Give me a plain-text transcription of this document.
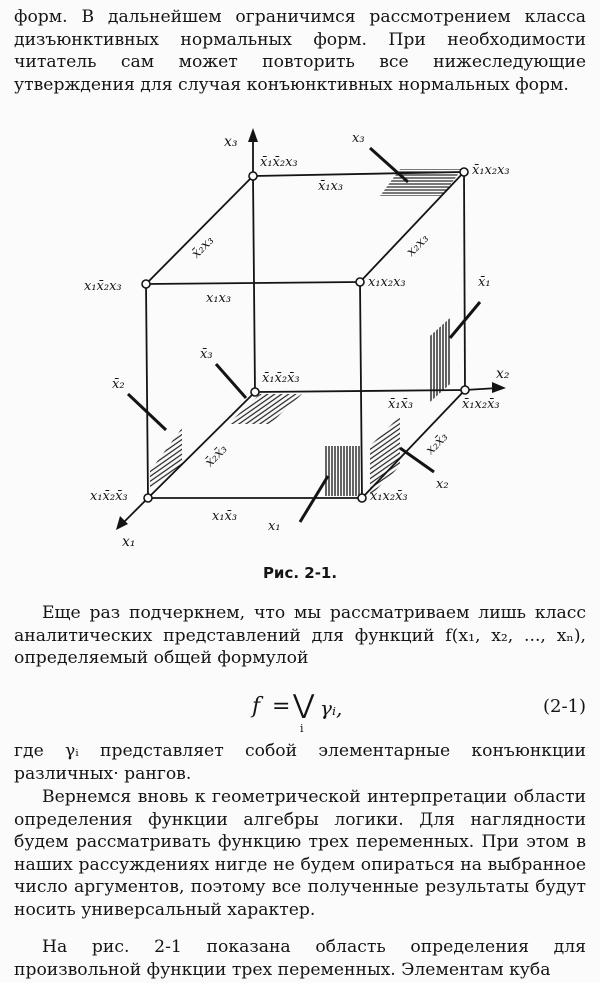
форм. В дальнейшем ограничимся рассмотрением класса дизъюнктивных нормальных форм. При необходимости читатель сам может повторить все нижеследующие утверждения для случая конъюнктивных нормальных форм.

x₃
x₂
x₁
x̄₁x̄₂x₃
x̄₁x₂x₃
x₁x̄₂x₃	x₁x₂x₃
x̄₁x̄₂x̄₃
x̄₁x₂x̄₃
x₁x̄₂x̄₃	x₁x₂x̄₃
x̄₁x₃
x̄₂x₃	x₂x₃
x₁x₃
x̄₁x̄₃
x̄₂x̄₃	x₂x̄₃
x₁x̄₃
x₃
x̄₁
x̄₂
x̄₃
x₁
x₂
Рис. 2-1.

Еще раз подчеркнем, что мы рассматриваем лишь класс аналитических представлений для функций f(x₁, x₂, ..., xₙ), определяемый общей формулой

f = ⋁
i
γᵢ,	(2-1)

где γᵢ представляет собой элементарные конъюнкции различных· рангов.

Вернемся вновь к геометрической интерпретации области определения функции алгебры логики. Для наглядности будем рассматривать функцию трех переменных. При этом в наших рассуждениях нигде не будем опираться на выбранное число аргументов, поэтому все полученные результаты будут носить универсальный характер.

На рис. 2-1 показана область определения для произвольной функции трех переменных. Элементам куба
